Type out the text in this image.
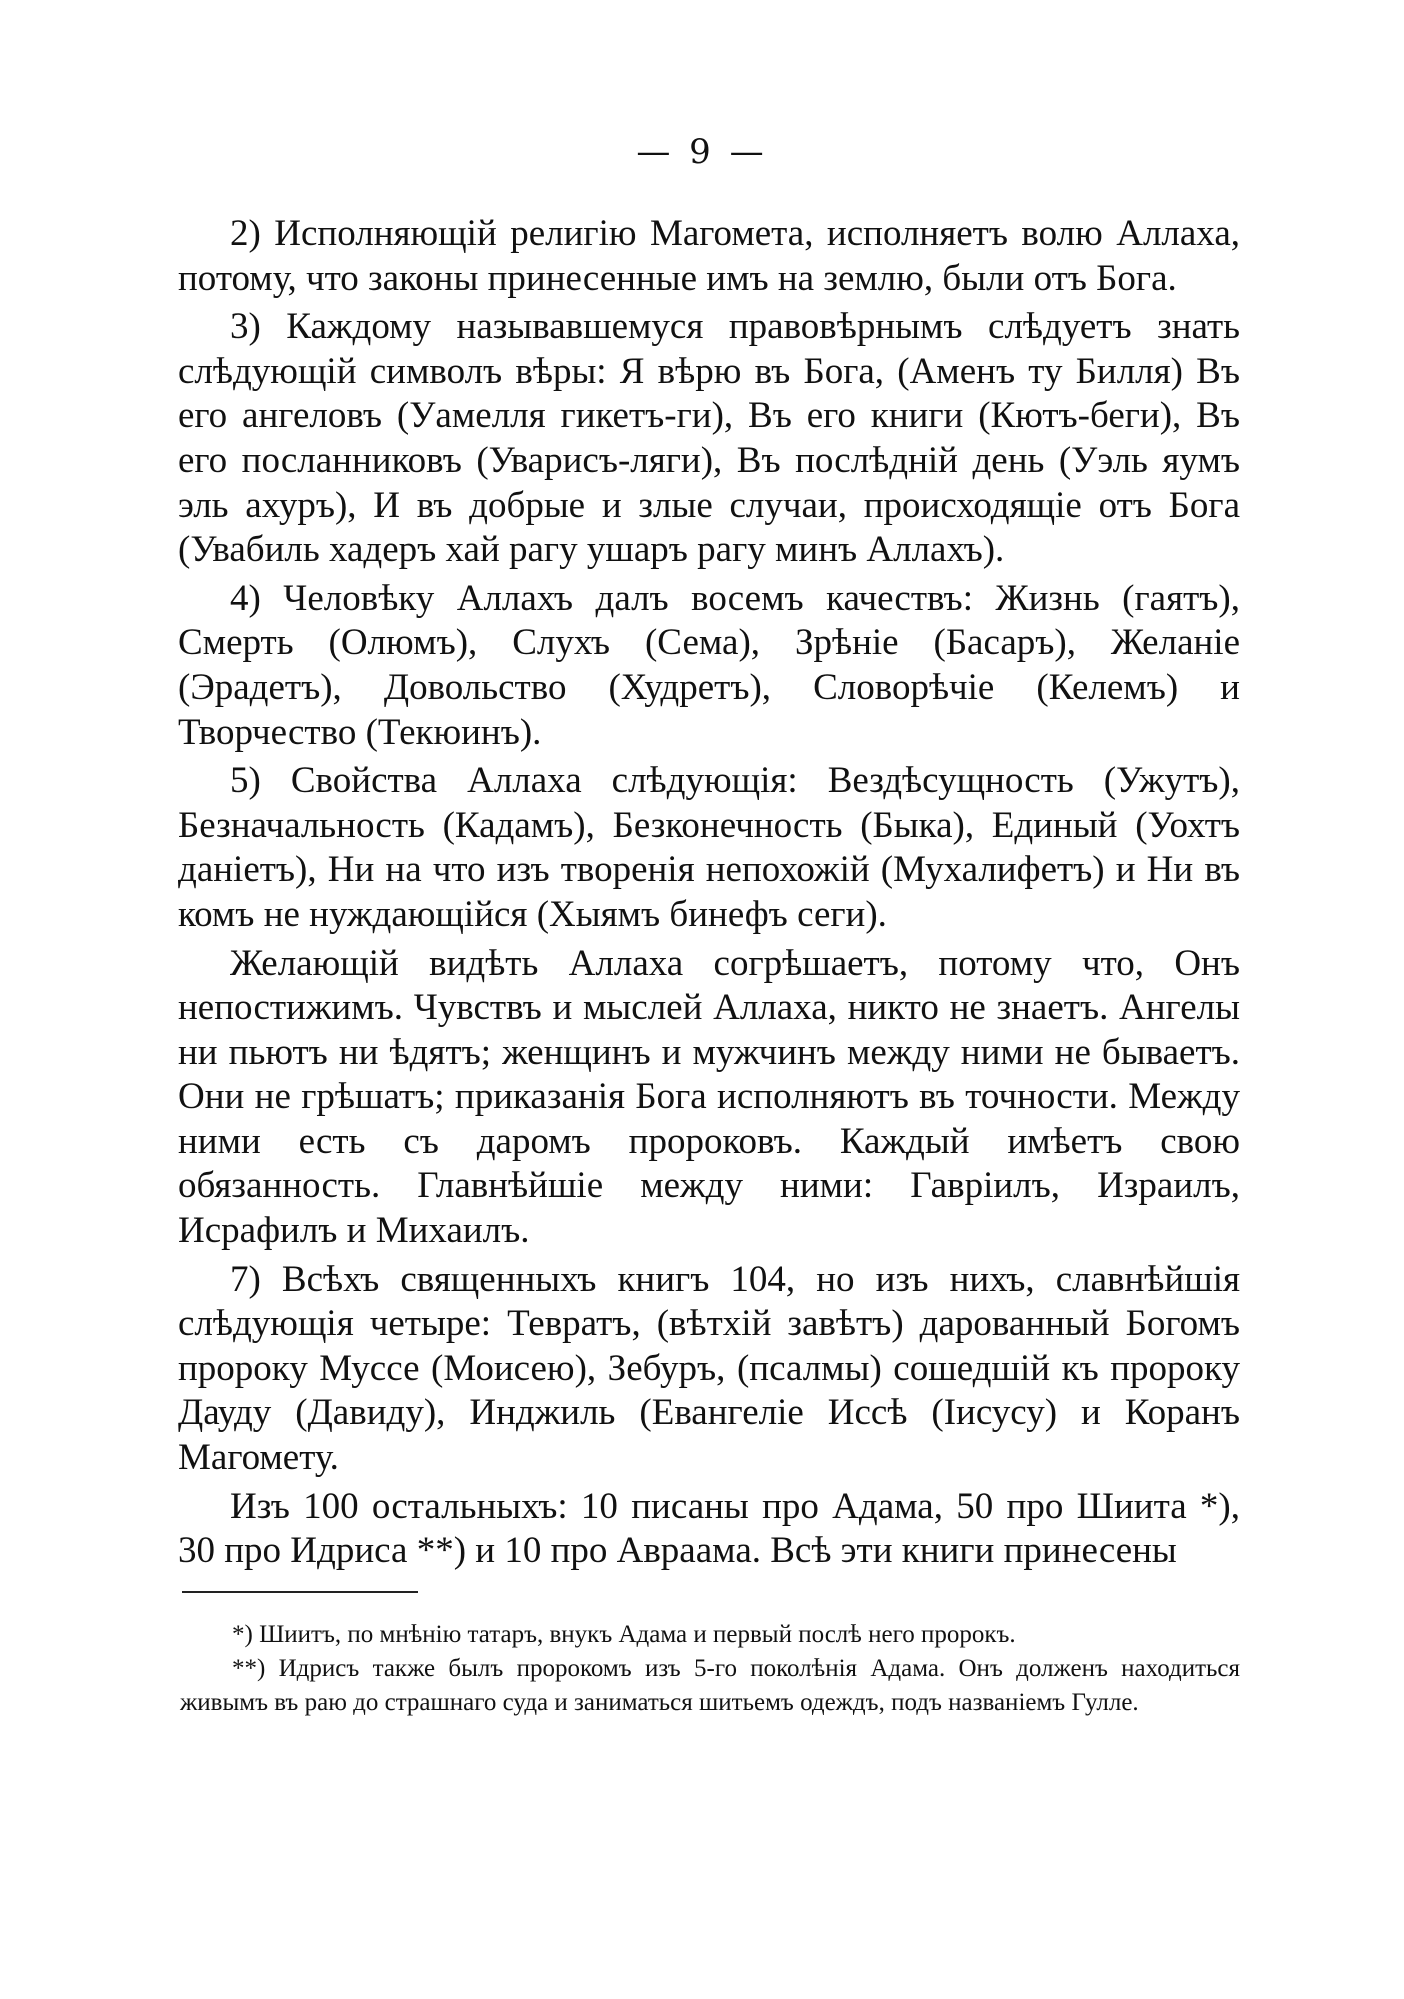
— 9 —

2) Исполняющій религію Магомета, исполняетъ волю Аллаха, потому, что законы принесенные имъ на землю, были отъ Бога.

3) Каждому называвшемуся правовѣрнымъ слѣдуетъ знать слѣдующій символъ вѣры: Я вѣрю въ Бога, (Аменъ ту Билля) Въ его ангеловъ (Уамелля гикетъ-ги), Въ его книги (Кютъ-беги), Въ его посланниковъ (Уварисъ-ляги), Въ послѣдній день (Уэль яумъ эль ахуръ), И въ добрые и злые случаи, происходящіе отъ Бога (Увабиль хадеръ хай рагу ушаръ рагу минъ Аллахъ).

4) Человѣку Аллахъ далъ восемъ качествъ: Жизнь (гаятъ), Смерть (Олюмъ), Слухъ (Сема), Зрѣніе (Басаръ), Желаніе (Эрадетъ), Довольство (Худретъ), Словорѣчіе (Келемъ) и Творчество (Текюинъ).

5) Свойства Аллаха слѣдующія: Вездѣсущность (Ужутъ), Безначальность (Кадамъ), Безконечность (Быка), Единый (Уохтъ даніетъ), Ни на что изъ творенія непохожій (Мухалифетъ) и Ни въ комъ не нуждающійся (Хыямъ бинефъ сеги).

Желающій видѣть Аллаха согрѣшаетъ, потому что, Онъ непостижимъ. Чувствъ и мыслей Аллаха, никто не знаетъ. Ангелы ни пьютъ ни ѣдятъ; женщинъ и мужчинъ между ними не бываетъ. Они не грѣшатъ; приказанія Бога исполняютъ въ точности. Между ними есть съ даромъ пророковъ. Каждый имѣетъ свою обязанность. Главнѣйшіе между ними: Гавріилъ, Израилъ, Исрафилъ и Михаилъ.

7) Всѣхъ священныхъ книгъ 104, но изъ нихъ, славнѣйшія слѣдующія четыре: Тевратъ, (вѣтхій завѣтъ) дарованный Богомъ пророку Муссе (Моисею), Зебуръ, (псалмы) сошедшій къ пророку Дауду (Давиду), Инджиль (Евангеліе Иссѣ (Іисусу) и Коранъ Магомету.

Изъ 100 остальныхъ: 10 писаны про Адама, 50 про Шиита *), 30 про Идриса **) и 10 про Авраама. Всѣ эти книги принесены

*) Шиитъ, по мнѣнію татаръ, внукъ Адама и первый послѣ него пророкъ.

**) Идрисъ также былъ пророкомъ изъ 5-го поколѣнія Адама. Онъ долженъ находиться живымъ въ раю до страшнаго суда и заниматься шитьемъ одеждъ, подъ названіемъ Гулле.
